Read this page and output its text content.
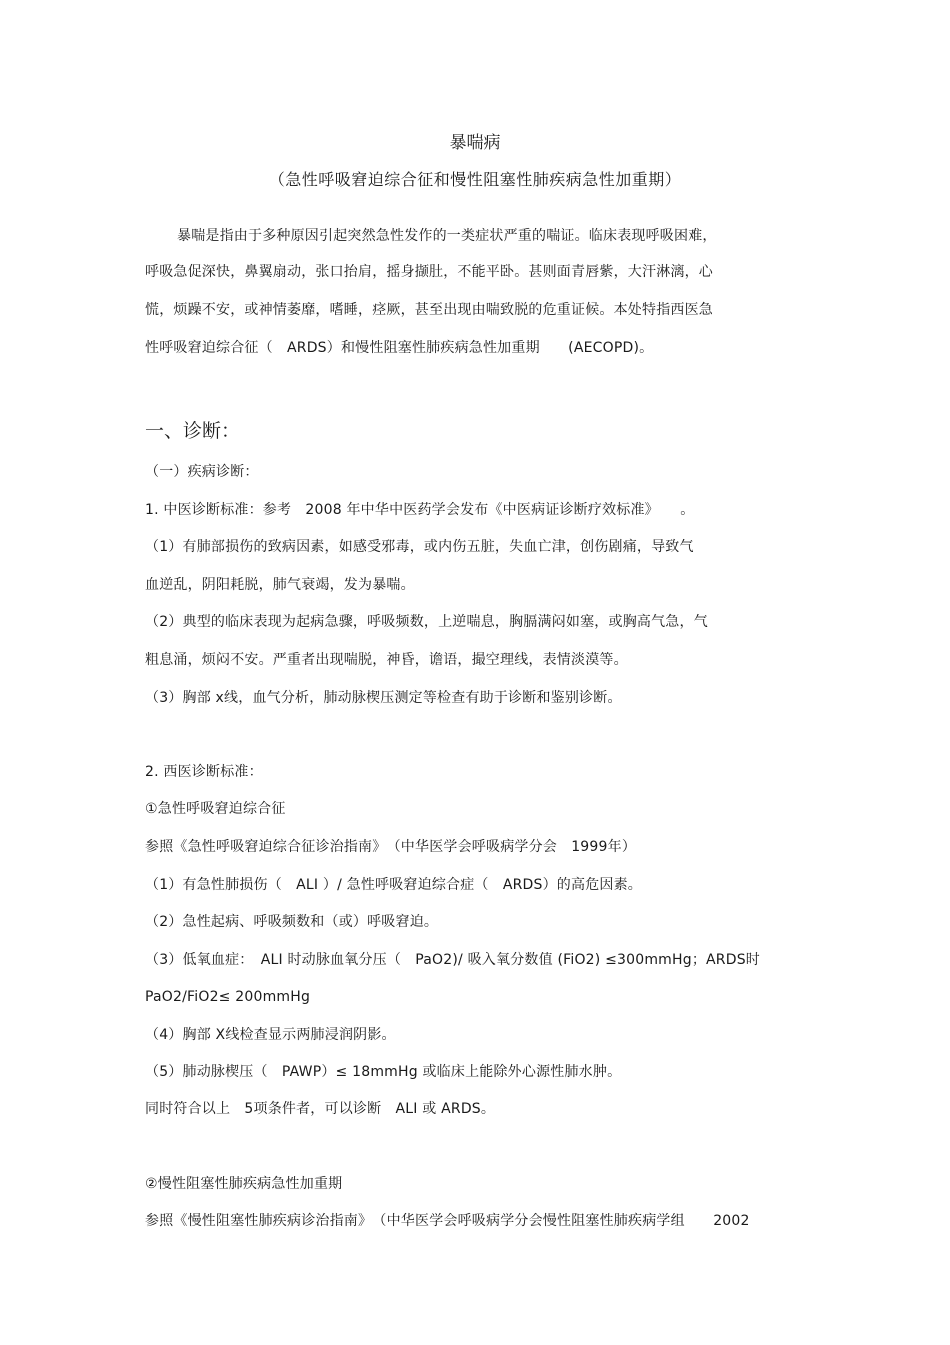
暴喘病
（急性呼吸窘迫综合征和慢性阻塞性肺疾病急性加重期）
暴喘是指由于多种原因引起突然急性发作的一类症状严重的喘证。临床表现呼吸困难，
呼吸急促深快，鼻翼扇动，张口抬肩，摇身撷肚，不能平卧。甚则面青唇紫，大汗淋漓，心
慌，烦躁不安，或神情萎靡，嗜睡，痉厥，甚至出现由喘致脱的危重证候。本处特指西医急
性呼吸窘迫综合征（　ARDS）和慢性阻塞性肺疾病急性加重期　　(AECOPD)。
一、诊断：
（一）疾病诊断：
1. 中医诊断标准：参考　2008 年中华中医药学会发布《中医病证诊断疗效标准》　　。
（1）有肺部损伤的致病因素，如感受邪毒，或内伤五脏，失血亡津，创伤剧痛，导致气
血逆乱，阴阳耗脱，肺气衰竭，发为暴喘。
（2）典型的临床表现为起病急骤，呼吸频数，上逆喘息，胸膈满闷如塞，或胸高气急，气
粗息涌，烦闷不安。严重者出现喘脱，神昏，谵语，撮空理线，表情淡漠等。
（3）胸部 x线，血气分析，肺动脉楔压测定等检查有助于诊断和鉴别诊断。
2. 西医诊断标准：
①急性呼吸窘迫综合征
参照《急性呼吸窘迫综合征诊治指南》　（中华医学会呼吸病学分会　1999年）
（1）有急性肺损伤（　ALI ）/ 急性呼吸窘迫综合症（　ARDS）的高危因素。
（2）急性起病、呼吸频数和（或）呼吸窘迫。
（3）低氧血症：　ALI 时动脉血氧分压（　PaO2)/ 吸入氧分数值 (FiO2) ≤300mmHg；ARDS时
PaO2/FiO2≤ 200mmHg
（4）胸部 X线检查显示两肺浸润阴影。
（5）肺动脉楔压（　PAWP）≤ 18mmHg 或临床上能除外心源性肺水肿。
同时符合以上　5项条件者，可以诊断　ALI 或 ARDS。
②慢性阻塞性肺疾病急性加重期
参照《慢性阻塞性肺疾病诊治指南》　（中华医学会呼吸病学分会慢性阻塞性肺疾病学组　　2002
